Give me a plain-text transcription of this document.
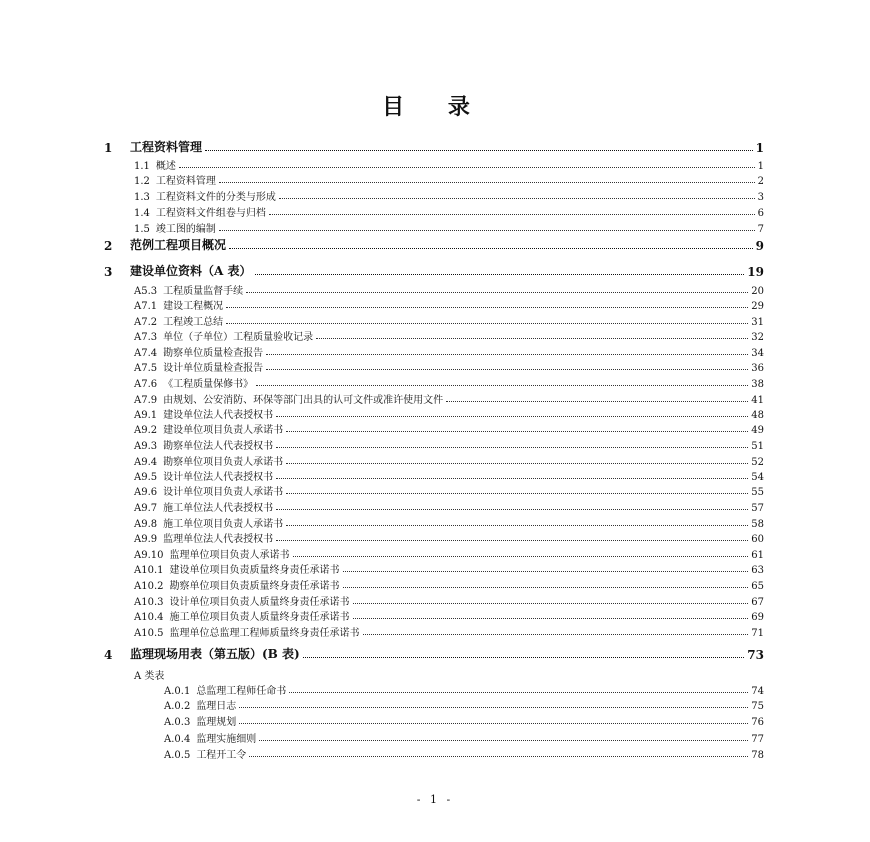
目 录
1	工程资料管理	1
1.1 概述	1
1.2 工程资料管理	2
1.3 工程资料文件的分类与形成	3
1.4 工程资料文件组卷与归档	6
1.5 竣工图的编制	7
2	范例工程项目概况	9
3	建设单位资料（A 表）	19
A5.3 工程质量监督手续	20
A7.1 建设工程概况	29
A7.2 工程竣工总结	31
A7.3 单位（子单位）工程质量验收记录	32
A7.4 勘察单位质量检查报告	34
A7.5 设计单位质量检查报告	36
A7.6 《工程质量保修书》	38
A7.9 由规划、公安消防、环保等部门出具的认可文件或准许使用文件	41
A9.1 建设单位法人代表授权书	48
A9.2 建设单位项目负责人承诺书	49
A9.3 勘察单位法人代表授权书	51
A9.4 勘察单位项目负责人承诺书	52
A9.5 设计单位法人代表授权书	54
A9.6 设计单位项目负责人承诺书	55
A9.7 施工单位法人代表授权书	57
A9.8 施工单位项目负责人承诺书	58
A9.9 监理单位法人代表授权书	60
A9.10 监理单位项目负责人承诺书	61
A10.1 建设单位项目负责质量终身责任承诺书	63
A10.2 勘察单位项目负责质量终身责任承诺书	65
A10.3 设计单位项目负责人质量终身责任承诺书	67
A10.4 施工单位项目负责人质量终身责任承诺书	69
A10.5 监理单位总监理工程师质量终身责任承诺书	71
4	监理现场用表（第五版）(B 表)	73
A.0.1 总监理工程师任命书	74
A.0.2 监理日志	75
A.0.3 监理规划	76
A.0.4 监理实施细则	77
A.0.5 工程开工令	78
A 类表
- 1 -
